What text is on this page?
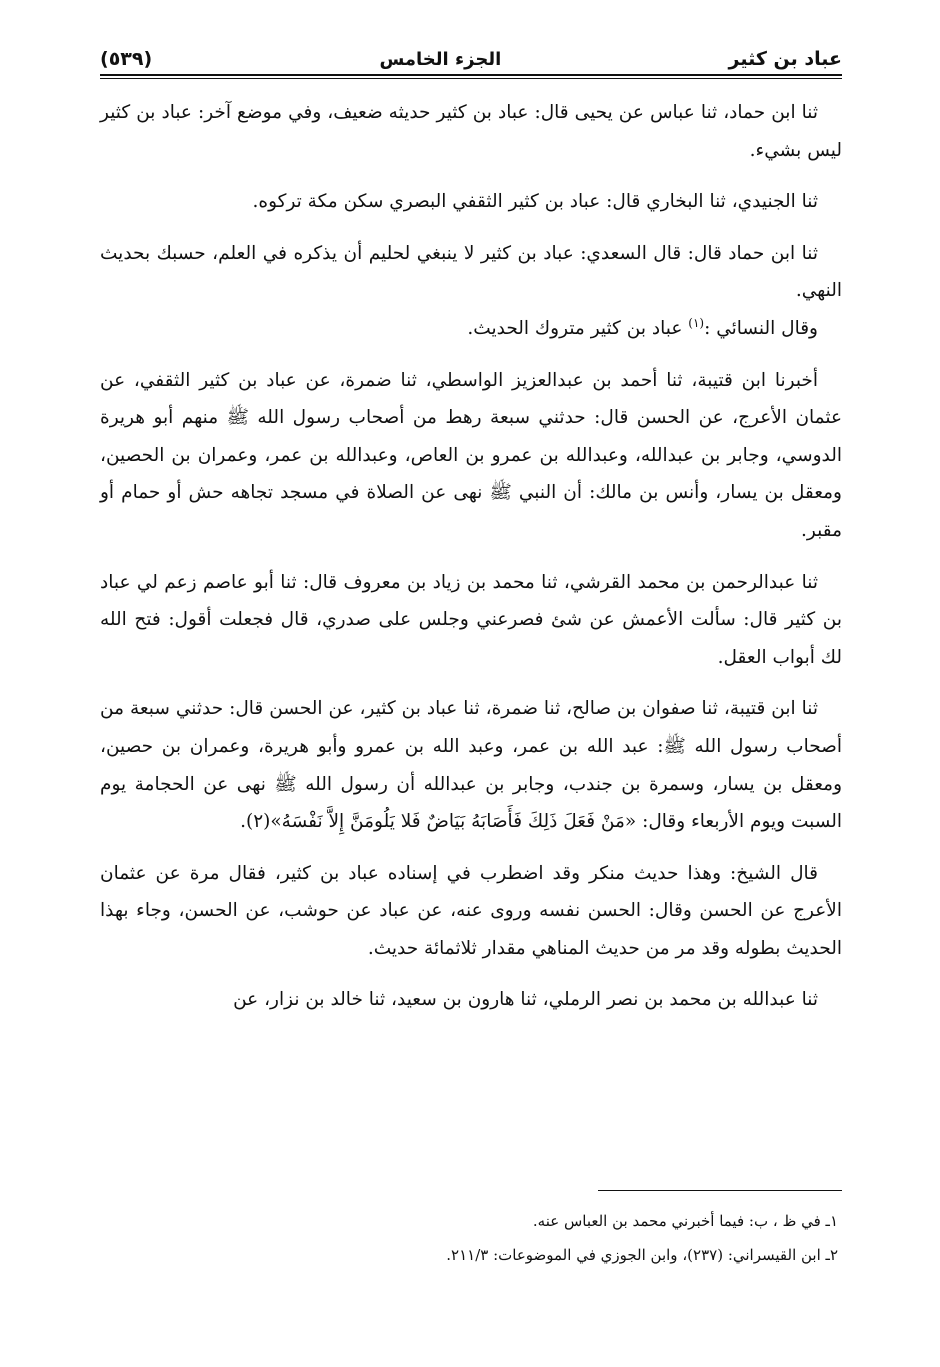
عباد بن كثير
الجزء الخامس
(٥٣٩)

ثنا ابن حماد، ثنا عباس عن يحيى قال: عباد بن كثير حديثه ضعيف، وفي موضع آخر: عباد بن كثير ليس بشيء.

ثنا الجنيدي، ثنا البخاري قال: عباد بن كثير الثقفي البصري سكن مكة تركوه.

ثنا ابن حماد قال: قال السعدي: عباد بن كثير لا ينبغي لحليم أن يذكره في العلم، حسبك بحديث النهي.

وقال النسائي :$^{(١)}$ عباد بن كثير متروك الحديث.

أخبرنا ابن قتيبة، ثنا أحمد بن عبدالعزيز الواسطي، ثنا ضمرة، عن عباد بن كثير الثقفي، عن عثمان الأعرج، عن الحسن قال: حدثني سبعة رهط من أصحاب رسول الله ﷺ منهم أبو هريرة الدوسي، وجابر بن عبدالله، وعبدالله بن عمرو بن العاص، وعبدالله بن عمر، وعمران بن الحصين، ومعقل بن يسار، وأنس بن مالك: أن النبي ﷺ نهى عن الصلاة في مسجد تجاهه حش أو حمام أو مقبر.

ثنا عبدالرحمن بن محمد القرشي، ثنا محمد بن زياد بن معروف قال: ثنا أبو عاصم زعم لي عباد بن كثير قال: سألت الأعمش عن شئ فصرعني وجلس على صدري، قال فجعلت أقول: فتح الله لك أبواب العقل.

ثنا ابن قتيبة، ثنا صفوان بن صالح، ثنا ضمرة، ثنا عباد بن كثير، عن الحسن قال: حدثني سبعة من أصحاب رسول الله ﷺ: عبد الله بن عمر، وعبد الله بن عمرو وأبو هريرة، وعمران بن حصين، ومعقل بن يسار، وسمرة بن جندب، وجابر بن عبدالله أن رسول الله ﷺ نهى عن الحجامة يوم السبت ويوم الأربعاء وقال: «مَنْ فَعَلَ ذَلِكَ فَأَصَابَهُ بَيَاضٌ فَلا يَلُومَنَّ إِلاَّ نَفْسَهُ»(٢).

قال الشيخ: وهذا حديث منكر وقد اضطرب في إسناده عباد بن كثير، فقال مرة عن عثمان الأعرج عن الحسن وقال: الحسن نفسه وروى عنه، عن عباد عن حوشب، عن الحسن، وجاء بهذا الحديث بطوله وقد مر من حديث المناهي مقدار ثلاثمائة حديث.

ثنا عبدالله بن محمد بن نصر الرملي، ثنا هارون بن سعيد، ثنا خالد بن نزار، عن

١ـ في ظ ، ب: فيما أخبرني محمد بن العباس عنه.

٢ـ ابن القيسراني: (٢٣٧)، وابن الجوزي في الموضوعات: ٢١١/٣.
